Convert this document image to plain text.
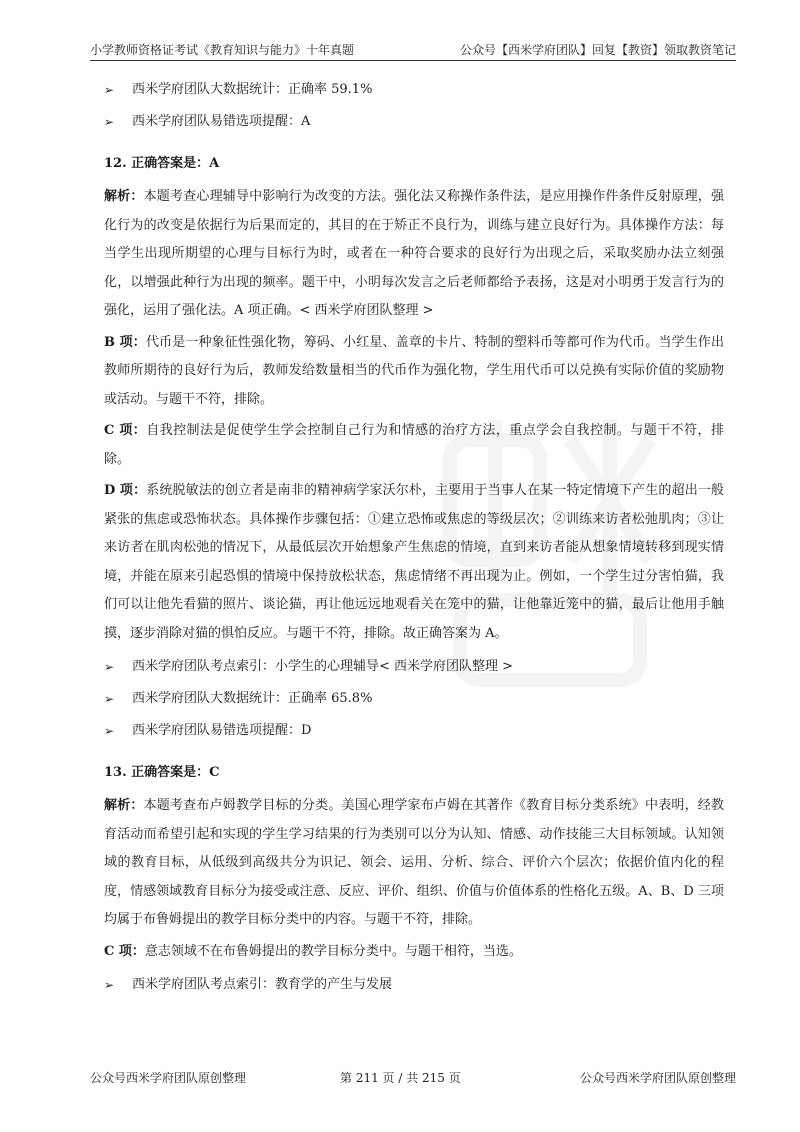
小学教师资格证考试《教育知识与能力》十年真题	公众号【西米学府团队】回复【教资】领取教资笔记
➢ 西米学府团队大数据统计：正确率 59.1%
➢ 西米学府团队易错选项提醒：A
12. 正确答案是：A
解析：本题考查心理辅导中影响行为改变的方法。强化法又称操作条件法，是应用操作件条件反射原理，强化行为的改变是依据行为后果而定的，其目的在于矫正不良行为，训练与建立良好行为。具体操作方法：每当学生出现所期望的心理与目标行为时，或者在一种符合要求的良好行为出现之后，采取奖励办法立刻强化，以增强此种行为出现的频率。题干中，小明每次发言之后老师都给予表扬，这是对小明勇于发言行为的强化，运用了强化法。A 项正确。< 西米学府团队整理 >
B 项：代币是一种象征性强化物，筹码、小红星、盖章的卡片、特制的塑料币等都可作为代币。当学生作出教师所期待的良好行为后，教师发给数量相当的代币作为强化物，学生用代币可以兑换有实际价值的奖励物或活动。与题干不符，排除。
C 项：自我控制法是促使学生学会控制自己行为和情感的治疗方法，重点学会自我控制。与题干不符，排除。
D 项：系统脱敏法的创立者是南非的精神病学家沃尔朴，主要用于当事人在某一特定情境下产生的超出一般紧张的焦虑或恐怖状态。具体操作步骤包括：①建立恐怖或焦虑的等级层次；②训练来访者松弛肌肉；③让来访者在肌肉松弛的情况下，从最低层次开始想象产生焦虑的情境，直到来访者能从想象情境转移到现实情境，并能在原来引起恐惧的情境中保持放松状态，焦虑情绪不再出现为止。例如，一个学生过分害怕猫，我们可以让他先看猫的照片、谈论猫，再让他远远地观看关在笼中的猫，让他靠近笼中的猫，最后让他用手触摸，逐步消除对猫的惧怕反应。与题干不符，排除。故正确答案为 A。
➢ 西米学府团队考点索引：小学生的心理辅导< 西米学府团队整理 >
➢ 西米学府团队大数据统计：正确率 65.8%
➢ 西米学府团队易错选项提醒：D
13. 正确答案是：C
解析：本题考查布卢姆教学目标的分类。美国心理学家布卢姆在其著作《教育目标分类系统》中表明，经教育活动而希望引起和实现的学生学习结果的行为类别可以分为认知、情感、动作技能三大目标领域。认知领域的教育目标，从低级到高级共分为识记、领会、运用、分析、综合、评价六个层次；依据价值内化的程度，情感领域教育目标分为接受或注意、反应、评价、组织、价值与价值体系的性格化五级。A、B、D 三项均属于布鲁姆提出的教学目标分类中的内容。与题干不符，排除。
C 项：意志领域不在布鲁姆提出的教学目标分类中。与题干相符，当选。
➢ 西米学府团队考点索引：教育学的产生与发展
公众号西米学府团队原创整理	第 211 页 / 共 215 页	公众号西米学府团队原创整理
